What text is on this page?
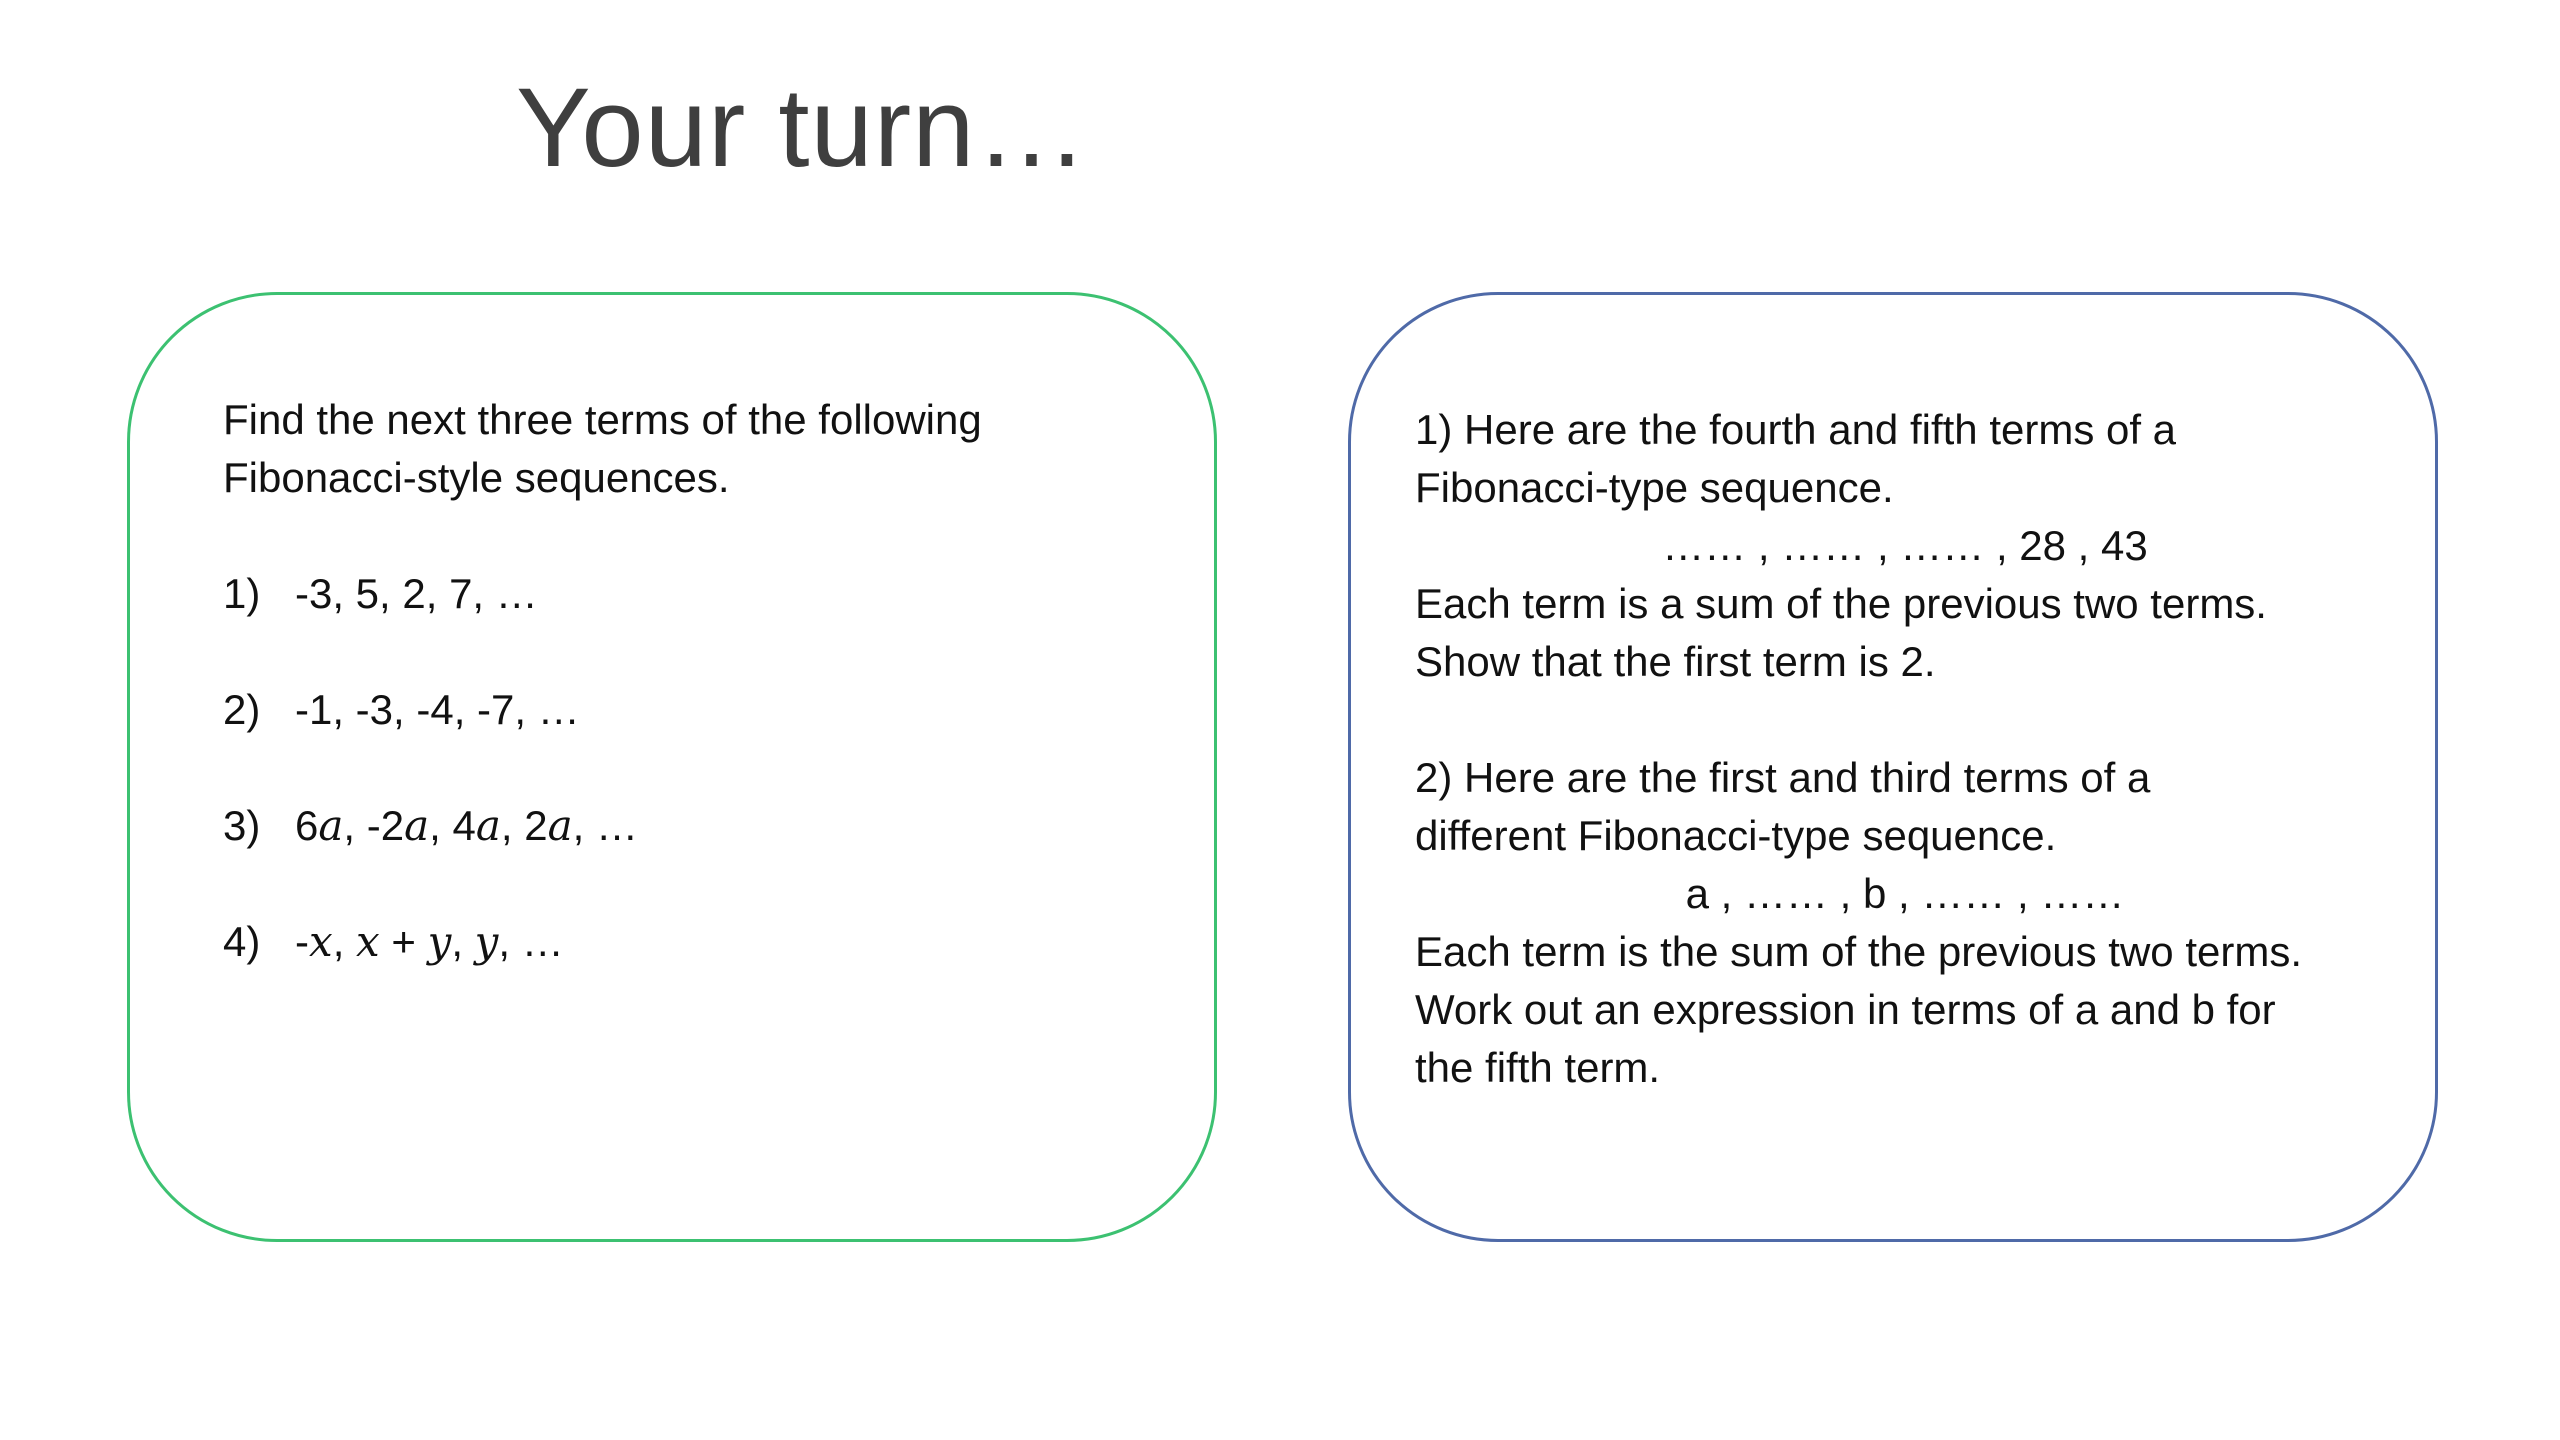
Your turn…

Find the next three terms of the following Fibonacci-style sequences.

1) -3, 5, 2, 7, …
2) -1, -3, -4, -7, …
3) 6a, -2a, 4a, 2a, …
4) -x, x + y, y, …

1) Here are the fourth and fifth terms of a

Fibonacci-type sequence.

…… , …… , …… , 28 , 43

Each term is a sum of the previous two terms.

Show that the first term is 2.

2) Here are the first and third terms of a

different Fibonacci-type sequence.

a , …… , b , …… , ……

Each term is the sum of the previous two terms.

Work out an expression in terms of a and b for

the fifth term.
